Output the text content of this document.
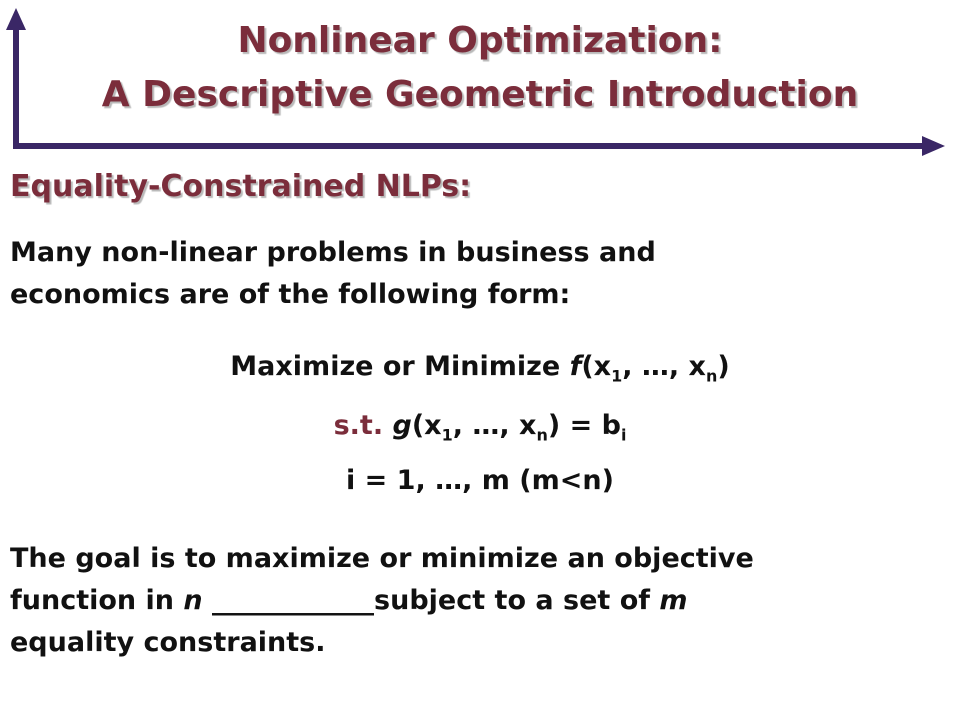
Nonlinear Optimization:
A Descriptive Geometric Introduction
Equality-Constrained NLPs:
Many non-linear problems in business and
economics are of the following form:
Maximize or Minimize $f(x_1$, …, $x_n$)
s.t. $g(x_1$, …, $x_n) = b_i$
i = 1, …, m (m<n)
The goal is to maximize or minimize an objective
function in n ____________subject to a set of m
equality constraints.
